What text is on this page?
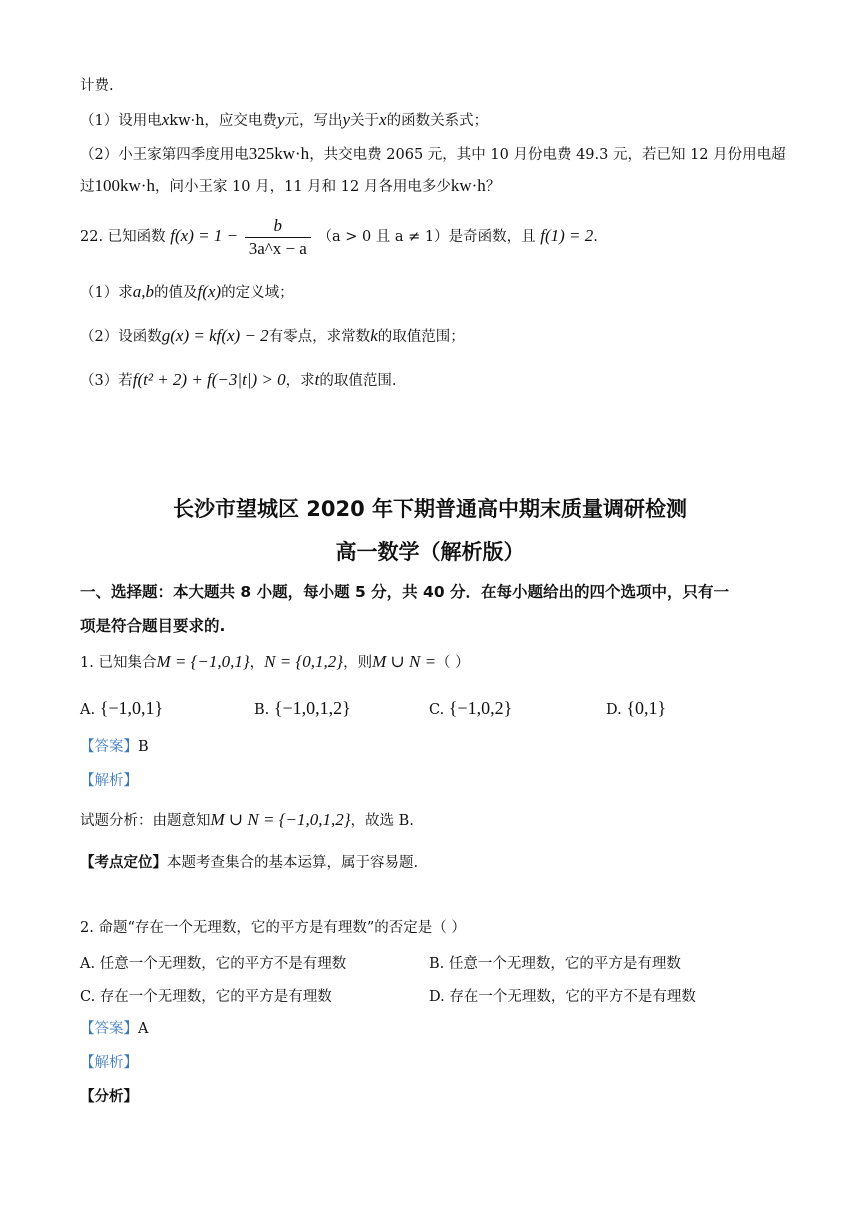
计费.
（1）设用电xkw·h，应交电费y元，写出y关于x的函数关系式；
（2）小王家第四季度用电325kw·h，共交电费 2065 元，其中 10 月份电费 49.3 元，若已知 12 月份用电超
过100kw·h，问小王家 10 月，11 月和 12 月各用电多少kw·h？
22. 已知函数 $f(x) = 1 - \frac{b}{3a\^{}x - a} (a > 0$ 且 a ≠ 1）是奇函数，且 f(1) = 2.
（1）求a,b的值及f(x)的定义域；
（2）设函数g(x) = kf(x) − 2有零点，求常数k的取值范围；
（3）若f(t² + 2) + f(−3|t|) > 0，求t的取值范围.
长沙市望城区 2020 年下期普通高中期末质量调研检测
高一数学（解析版）
一、选择题：本大题共 8 小题，每小题 5 分，共 40 分．在每小题给出的四个选项中，只有一
项是符合题目要求的.
1. 已知集合M = {−1,0,1}，N = {0,1,2}，则M ∪ N =（ ）
A. {−1,0,1}	B. {−1,0,1,2}	C. {−1,0,2}	D. {0,1}
【答案】B
【解析】
试题分析：由题意知M ∪ N = {−1,0,1,2}，故选 B.
【考点定位】本题考查集合的基本运算，属于容易题.
2. 命题“存在一个无理数，它的平方是有理数”的否定是（ ）
A. 任意一个无理数，它的平方不是有理数	B. 任意一个无理数，它的平方是有理数
C. 存在一个无理数，它的平方是有理数	D. 存在一个无理数，它的平方不是有理数
【答案】A
【解析】
【分析】
